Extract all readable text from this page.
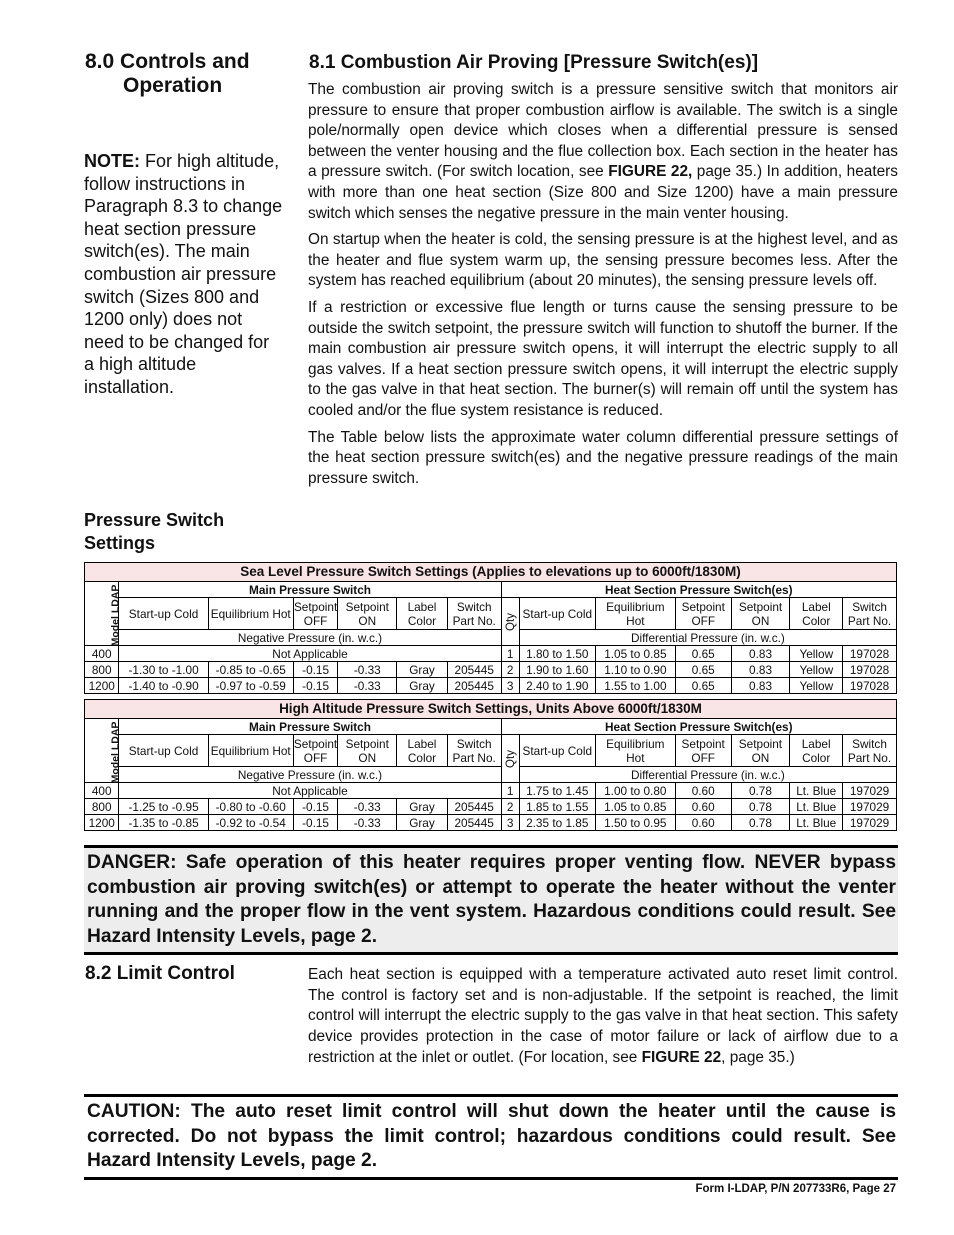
8.0 Controls and
Operation
NOTE: For high altitude, follow instructions in Paragraph 8.3 to change heat section pressure switch(es). The main combustion air pressure switch (Sizes 800 and 1200 only) does not need to be changed for a high altitude installation.
Pressure Switch Settings
8.1 Combustion Air Proving [Pressure Switch(es)]

The combustion air proving switch is a pressure sensitive switch that monitors air pressure to ensure that proper combustion airflow is available. The switch is a single pole/normally open device which closes when a differential pressure is sensed between the venter housing and the flue collection box. Each section in the heater has a pressure switch. (For switch location, see FIGURE 22, page 35.) In addition, heaters with more than one heat section (Size 800 and Size 1200) have a main pressure switch which senses the negative pressure in the main venter housing.

On startup when the heater is cold, the sensing pressure is at the highest level, and as the heater and flue system warm up, the sensing pressure becomes less. After the system has reached equilibrium (about 20 minutes), the sensing pressure levels off.

If a restriction or excessive flue length or turns cause the sensing pressure to be outside the switch setpoint, the pressure switch will function to shutoff the burner. If the main combustion air pressure switch opens, it will interrupt the electric supply to all gas valves. If a heat section pressure switch opens, it will interrupt the electric supply to the gas valve in that heat section. The burner(s) will remain off until the system has cooled and/or the flue system resistance is reduced.

The Table below lists the approximate water column differential pressure settings of the heat section pressure switch(es) and the negative pressure readings of the main pressure switch.

Sea Level Pressure Switch Settings (Applies to elevations up to 6000ft/1830M)													
Model LDAP	Main Pressure Switch						Heat Section Pressure Switch(es)						
	Start-up Cold	Equilibrium Hot	Setpoint OFF	Setpoint ON	Label Color	Switch Part No.	Qty	Start-up Cold	Equilibrium Hot	Setpoint OFF	Setpoint ON	Label Color	Switch Part No.
	Negative Pressure (in. w.c.)							Differential Pressure (in. w.c.)					
400	Not Applicable						1	1.80 to 1.50	1.05 to 0.85	0.65	0.83	Yellow	197028
800	-1.30 to -1.00	-0.85 to -0.65	-0.15	-0.33	Gray	205445	2	1.90 to 1.60	1.10 to 0.90	0.65	0.83	Yellow	197028
1200	-1.40 to -0.90	-0.97 to -0.59	-0.15	-0.33	Gray	205445	3	2.40 to 1.90	1.55 to 1.00	0.65	0.83	Yellow	197028
High Altitude Pressure Switch Settings, Units Above 6000ft/1830M													
Model LDAP	Main Pressure Switch						Heat Section Pressure Switch(es)						
	Start-up Cold	Equilibrium Hot	Setpoint OFF	Setpoint ON	Label Color	Switch Part No.	Qty	Start-up Cold	Equilibrium Hot	Setpoint OFF	Setpoint ON	Label Color	Switch Part No.
	Negative Pressure (in. w.c.)							Differential Pressure (in. w.c.)					
400	Not Applicable						1	1.75 to 1.45	1.00 to 0.80	0.60	0.78	Lt. Blue	197029
800	-1.25 to -0.95	-0.80 to -0.60	-0.15	-0.33	Gray	205445	2	1.85 to 1.55	1.05 to 0.85	0.60	0.78	Lt. Blue	197029
1200	-1.35 to -0.85	-0.92 to -0.54	-0.15	-0.33	Gray	205445	3	2.35 to 1.85	1.50 to 0.95	0.60	0.78	Lt. Blue	197029
DANGER: Safe operation of this heater requires proper venting flow. NEVER bypass combustion air proving switch(es) or attempt to operate the heater without the venter running and the proper flow in the vent system. Hazardous conditions could result. See Hazard Intensity Levels, page 2.
8.2 Limit Control	Each heat section is equipped with a temperature activated auto reset limit control. The control is factory set and is non-adjustable. If the setpoint is reached, the limit control will interrupt the electric supply to the gas valve in that heat section. This safety device provides protection in the case of motor failure or lack of airflow due to a restriction at the inlet or outlet. (For location, see FIGURE 22, page 35.)
CAUTION: The auto reset limit control will shut down the heater until the cause is corrected. Do not bypass the limit control; hazardous conditions could result. See Hazard Intensity Levels, page 2.
Form I-LDAP, P/N 207733R6, Page 27
